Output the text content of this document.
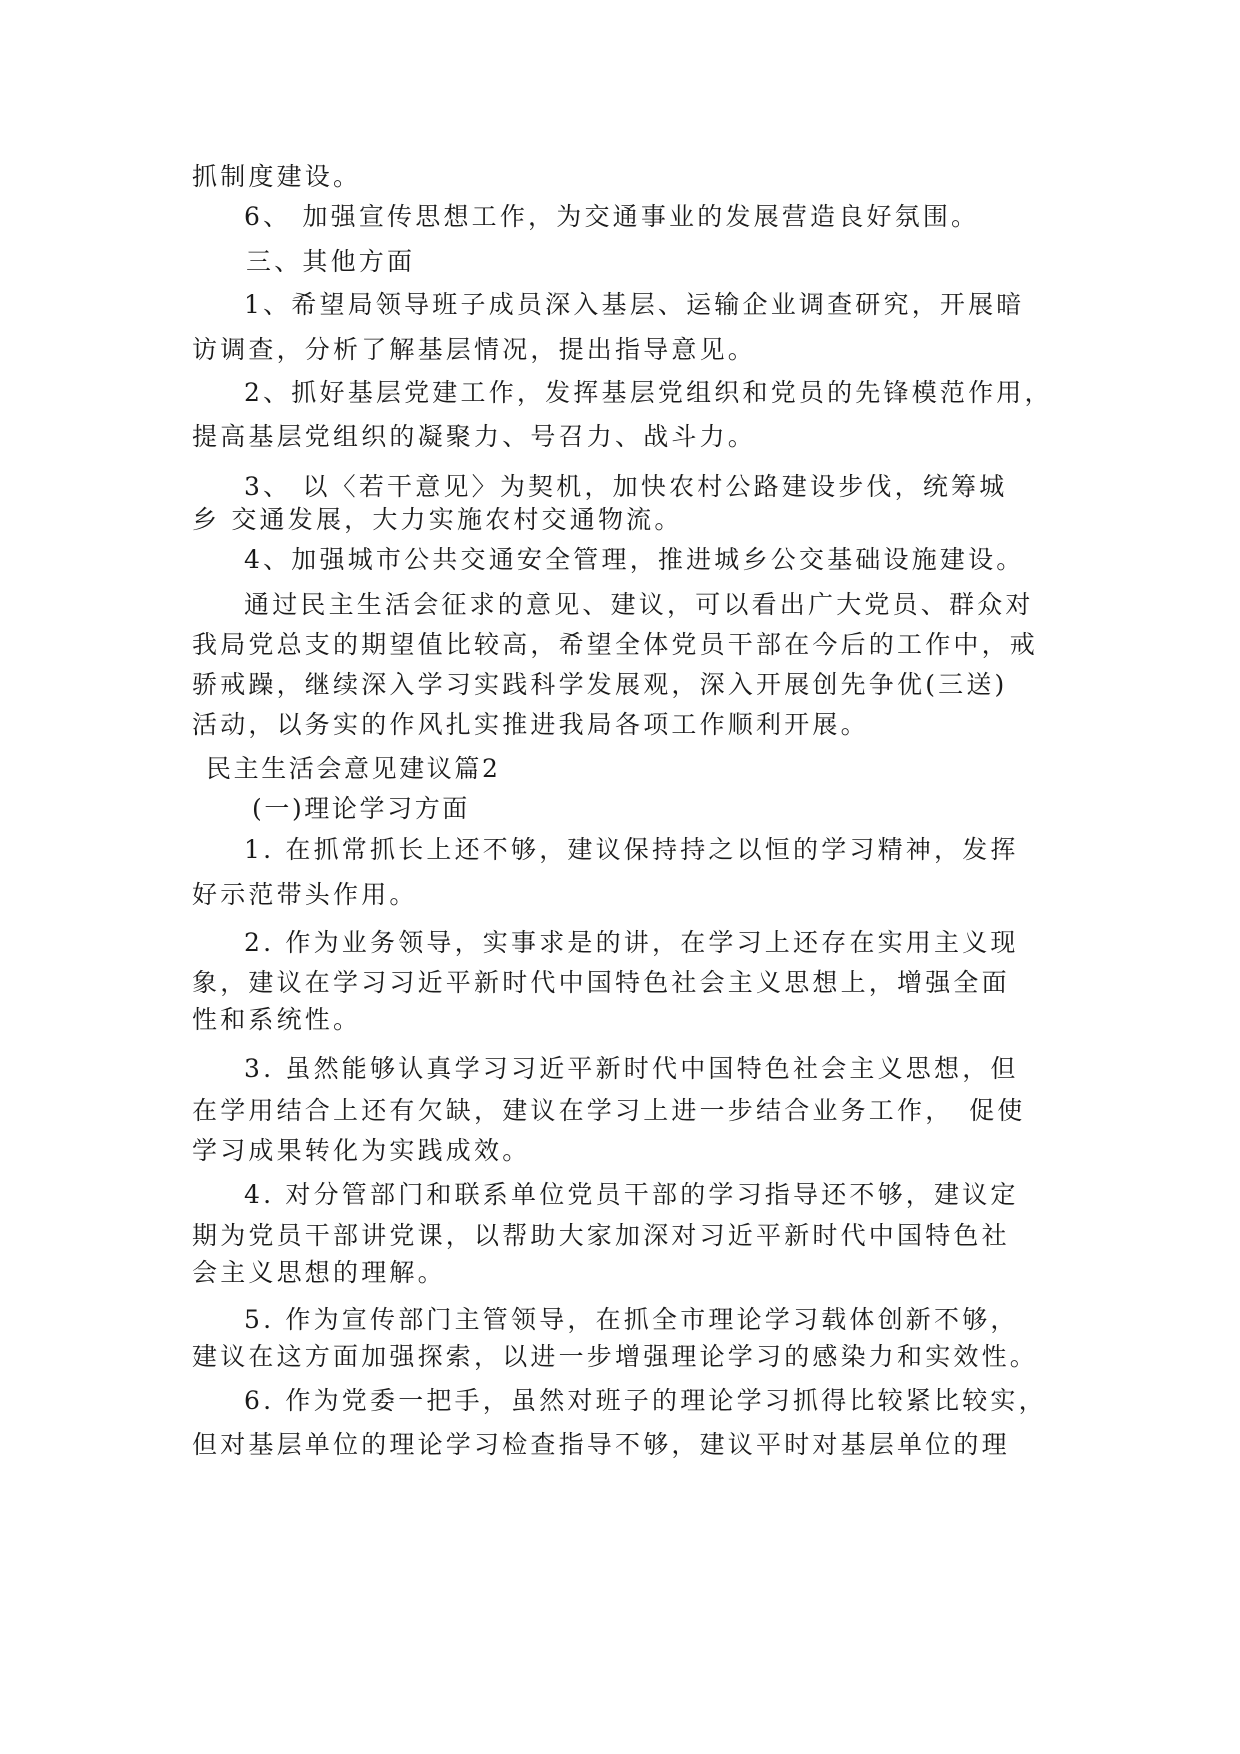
抓制度建设。
6、 加强宣传思想工作，为交通事业的发展营造良好氛围。
三、其他方面
1、希望局领导班子成员深入基层、运输企业调查研究，开展暗
访调查，分析了解基层情况，提出指导意见。
2、抓好基层党建工作，发挥基层党组织和党员的先锋模范作用，
提高基层党组织的凝聚力、号召力、战斗力。
3、 以〈若干意见〉为契机，加快农村公路建设步伐，统筹城
乡 交通发展，大力实施农村交通物流。
4、加强城市公共交通安全管理，推进城乡公交基础设施建设。
通过民主生活会征求的意见、建议，可以看出广大党员、群众对
我局党总支的期望值比较高，希望全体党员干部在今后的工作中，戒
骄戒躁，继续深入学习实践科学发展观，深入开展创先争优(三送)
活动，以务实的作风扎实推进我局各项工作顺利开展。
民主生活会意见建议篇2
(一)理论学习方面
1. 在抓常抓长上还不够，建议保持持之以恒的学习精神，发挥
好示范带头作用。
2. 作为业务领导，实事求是的讲，在学习上还存在实用主义现
象，建议在学习习近平新时代中国特色社会主义思想上，增强全面
性和系统性。
3. 虽然能够认真学习习近平新时代中国特色社会主义思想，但
在学用结合上还有欠缺，建议在学习上进一步结合业务工作，　促使
学习成果转化为实践成效。
4. 对分管部门和联系单位党员干部的学习指导还不够，建议定
期为党员干部讲党课，以帮助大家加深对习近平新时代中国特色社
会主义思想的理解。
5. 作为宣传部门主管领导，在抓全市理论学习载体创新不够，
建议在这方面加强探索，以进一步增强理论学习的感染力和实效性。
6. 作为党委一把手，虽然对班子的理论学习抓得比较紧比较实，
但对基层单位的理论学习检查指导不够，建议平时对基层单位的理
